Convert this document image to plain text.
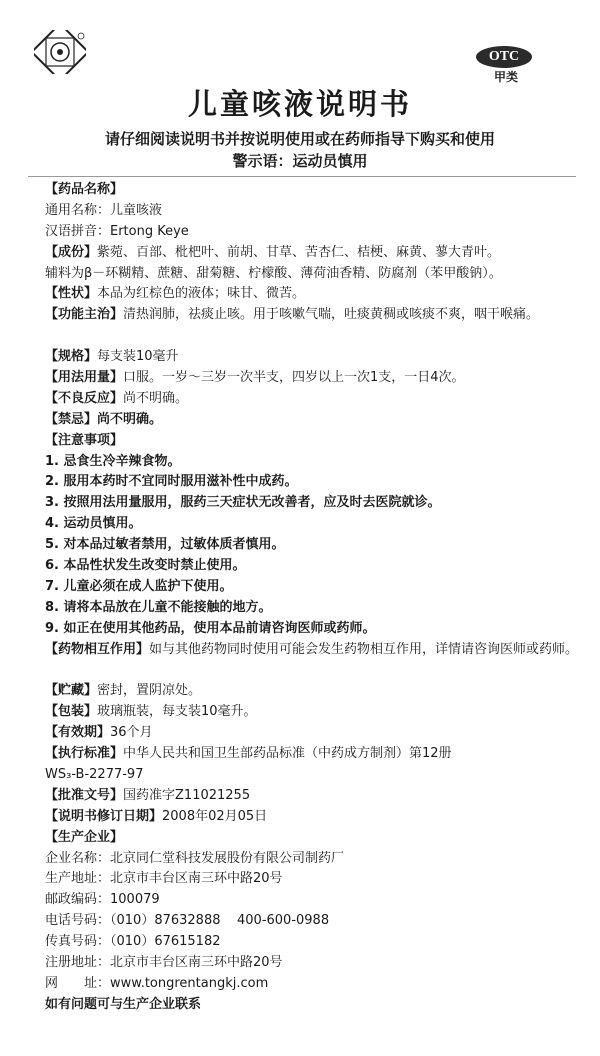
OTC
甲类
儿童咳液说明书
请仔细阅读说明书并按说明使用或在药师指导下购买和使用
警示语：运动员慎用
【药品名称】
通用名称：儿童咳液
汉语拼音：Ertong Keye
【成份】紫菀、百部、枇杷叶、前胡、甘草、苦杏仁、桔梗、麻黄、蓼大青叶。
辅料为β－环糊精、蔗糖、甜菊糖、柠檬酸、薄荷油香精、防腐剂（苯甲酸钠）。
【性状】本品为红棕色的液体；味甘、微苦。
【功能主治】清热润肺，祛痰止咳。用于咳嗽气喘，吐痰黄稠或咳痰不爽，咽干喉痛。
【规格】每支装10毫升
【用法用量】口服。一岁～三岁一次半支，四岁以上一次1支，一日4次。
【不良反应】尚不明确。
【禁忌】尚不明确。
【注意事项】
1. 忌食生冷辛辣食物。
2. 服用本药时不宜同时服用滋补性中成药。
3. 按照用法用量服用，服药三天症状无改善者，应及时去医院就诊。
4. 运动员慎用。
5. 对本品过敏者禁用，过敏体质者慎用。
6. 本品性状发生改变时禁止使用。
7. 儿童必须在成人监护下使用。
8. 请将本品放在儿童不能接触的地方。
9. 如正在使用其他药品，使用本品前请咨询医师或药师。
【药物相互作用】如与其他药物同时使用可能会发生药物相互作用，详情请咨询医师或药师。
【贮藏】密封，置阴凉处。
【包装】玻璃瓶装，每支装10毫升。
【有效期】36个月
【执行标准】中华人民共和国卫生部药品标准（中药成方制剂）第12册
WS₃-B-2277-97
【批准文号】国药准字Z11021255
【说明书修订日期】2008年02月05日
【生产企业】
企业名称：北京同仁堂科技发展股份有限公司制药厂
生产地址：北京市丰台区南三环中路20号
邮政编码：100079
电话号码：（010）87632888    400-600-0988
传真号码：（010）67615182
注册地址：北京市丰台区南三环中路20号
网　　址：www.tongrentangkj.com
如有问题可与生产企业联系
